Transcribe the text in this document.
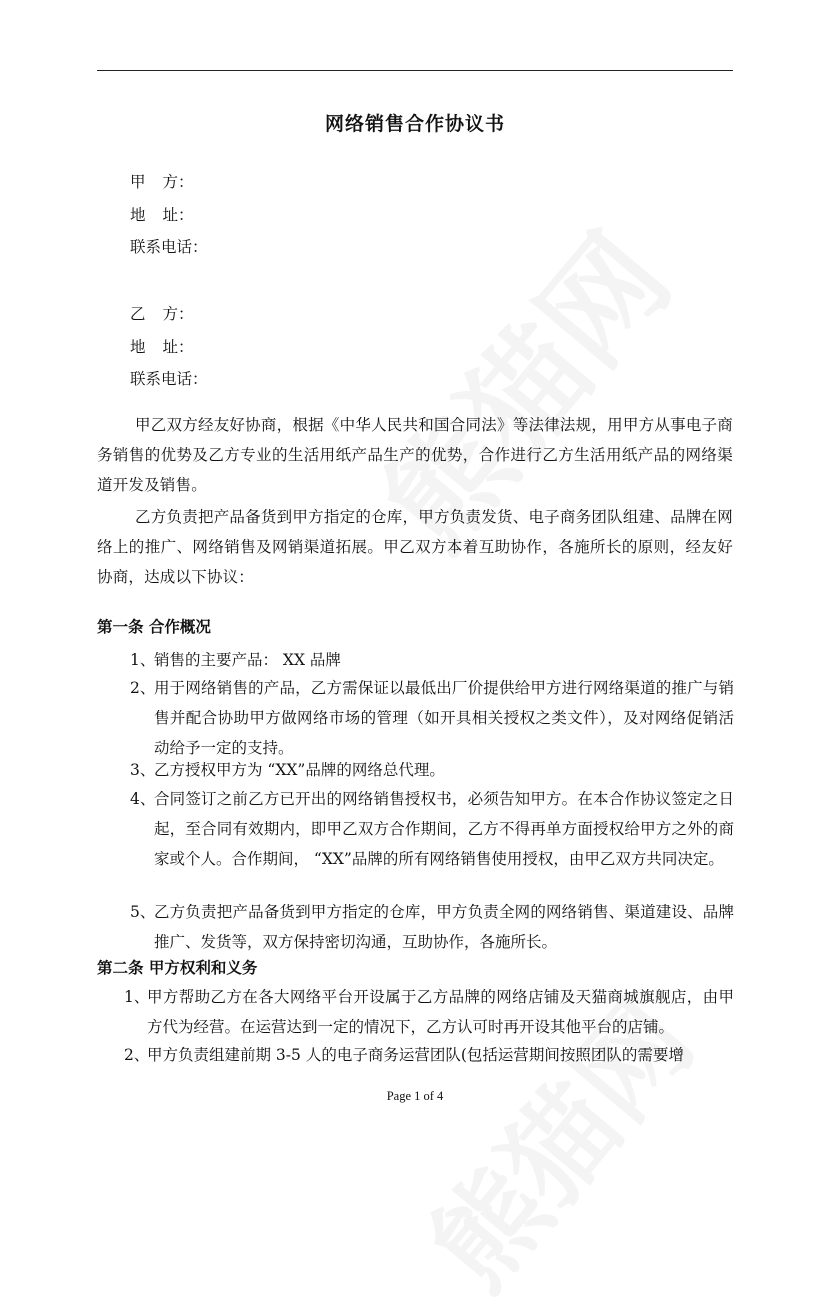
网络销售合作协议书
甲方：
地址：
联系电话：
乙方：
地址：
联系电话：
甲乙双方经友好协商，根据《中华人民共和国合同法》等法律法规，用甲方从事电子商务销售的优势及乙方专业的生活用纸产品生产的优势，合作进行乙方生活用纸产品的网络渠道开发及销售。
乙方负责把产品备货到甲方指定的仓库，甲方负责发货、电子商务团队组建、品牌在网络上的推广、网络销售及网销渠道拓展。甲乙双方本着互助协作，各施所长的原则，经友好协商，达成以下协议：
第一条 合作概况
1、
销售的主要产品： XX 品牌
2、
用于网络销售的产品，乙方需保证以最低出厂价提供给甲方进行网络渠道的推广与销售并配合协助甲方做网络市场的管理（如开具相关授权之类文件），及对网络促销活动给予一定的支持。
3、
乙方授权甲方为 “XX”品牌的网络总代理。
4、
合同签订之前乙方已开出的网络销售授权书，必须告知甲方。在本合作协议签定之日起，至合同有效期内，即甲乙双方合作期间，乙方不得再单方面授权给甲方之外的商家或个人。合作期间， “XX”品牌的所有网络销售使用授权，由甲乙双方共同决定。
5、
乙方负责把产品备货到甲方指定的仓库，甲方负责全网的网络销售、渠道建设、品牌推广、发货等，双方保持密切沟通，互助协作，各施所长。
第二条 甲方权利和义务
1、
甲方帮助乙方在各大网络平台开设属于乙方品牌的网络店铺及天猫商城旗舰店，由甲方代为经营。在运营达到一定的情况下，乙方认可时再开设其他平台的店铺。
2、
甲方负责组建前期 3-5 人的电子商务运营团队(包括运营期间按照团队的需要增
Page 1 of 4
